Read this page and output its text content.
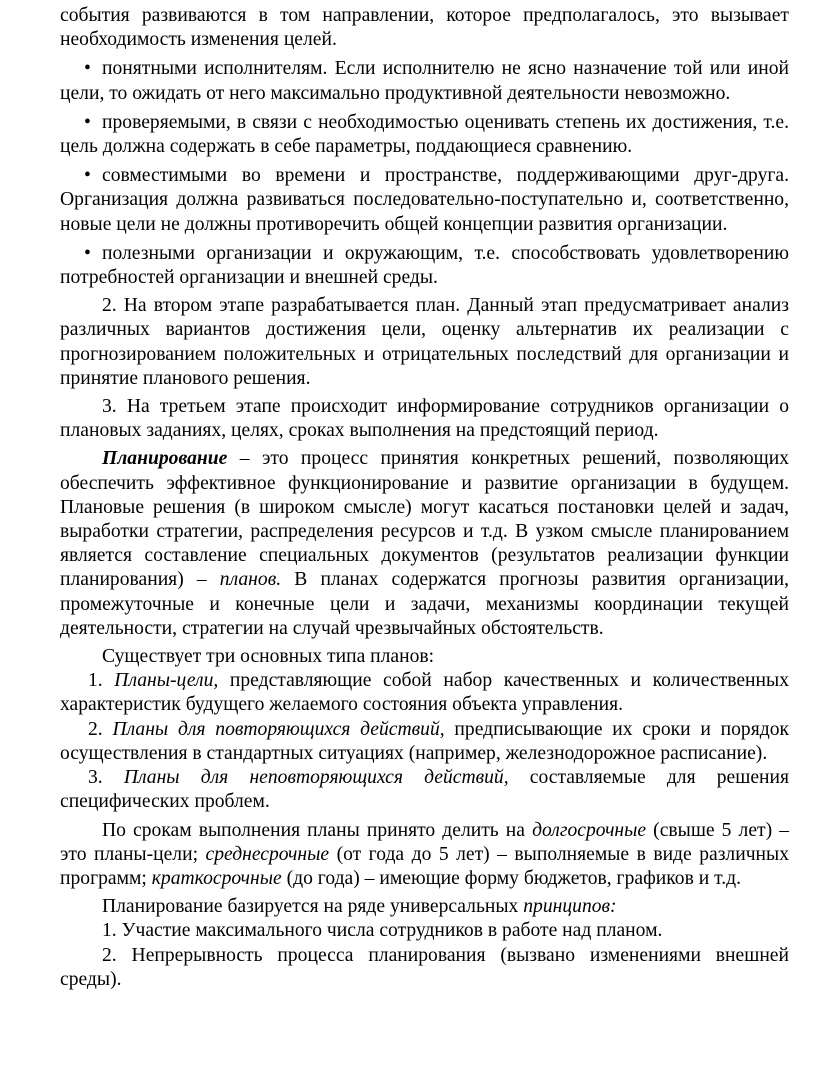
события развиваются в том направлении, которое предполагалось, это вызывает необходимость изменения целей.

• понятными исполнителям. Если исполнителю не ясно назначение той или иной цели, то ожидать от него максимально продуктивной деятельности невозможно.

• проверяемыми, в связи с необходимостью оценивать степень их достижения, т.е. цель должна содержать в себе параметры, поддающиеся сравнению.

• совместимыми во времени и пространстве, поддерживающими друг-друга. Организация должна развиваться последовательно-поступательно и, соответственно, новые цели не должны противоречить общей концепции развития организации.

• полезными организации и окружающим, т.е. способствовать удовлетворению потребностей организации и внешней среды.

2. На втором этапе разрабатывается план. Данный этап предусматривает анализ различных вариантов достижения цели, оценку альтернатив их реализации с прогнозированием положительных и отрицательных последствий для организации и принятие планового решения.

3. На третьем этапе происходит информирование сотрудников организации о плановых заданиях, целях, сроках выполнения на предстоящий период.

Планирование – это процесс принятия конкретных решений, позволяющих обеспечить эффективное функционирование и развитие организации в будущем. Плановые решения (в широком смысле) могут касаться постановки целей и задач, выработки стратегии, распределения ресурсов и т.д. В узком смысле планированием является составление специальных документов (результатов реализации функции планирования) – планов. В планах содержатся прогнозы развития организации, промежуточные и конечные цели и задачи, механизмы координации текущей деятельности, стратегии на случай чрезвычайных обстоятельств.

Существует три основных типа планов:

1. Планы-цели, представляющие собой набор качественных и количественных характеристик будущего желаемого состояния объекта управления.

2. Планы для повторяющихся действий, предписывающие их сроки и порядок осуществления в стандартных ситуациях (например, железнодорожное расписание).

3. Планы для неповторяющихся действий, составляемые для решения специфических проблем.

По срокам выполнения планы принято делить на долгосрочные (свыше 5 лет) – это планы-цели; среднесрочные (от года до 5 лет) – выполняемые в виде различных программ; краткосрочные (до года) – имеющие форму бюджетов, графиков и т.д.

Планирование базируется на ряде универсальных принципов:

1. Участие максимального числа сотрудников в работе над планом.

2. Непрерывность процесса планирования (вызвано изменениями внешней среды).
